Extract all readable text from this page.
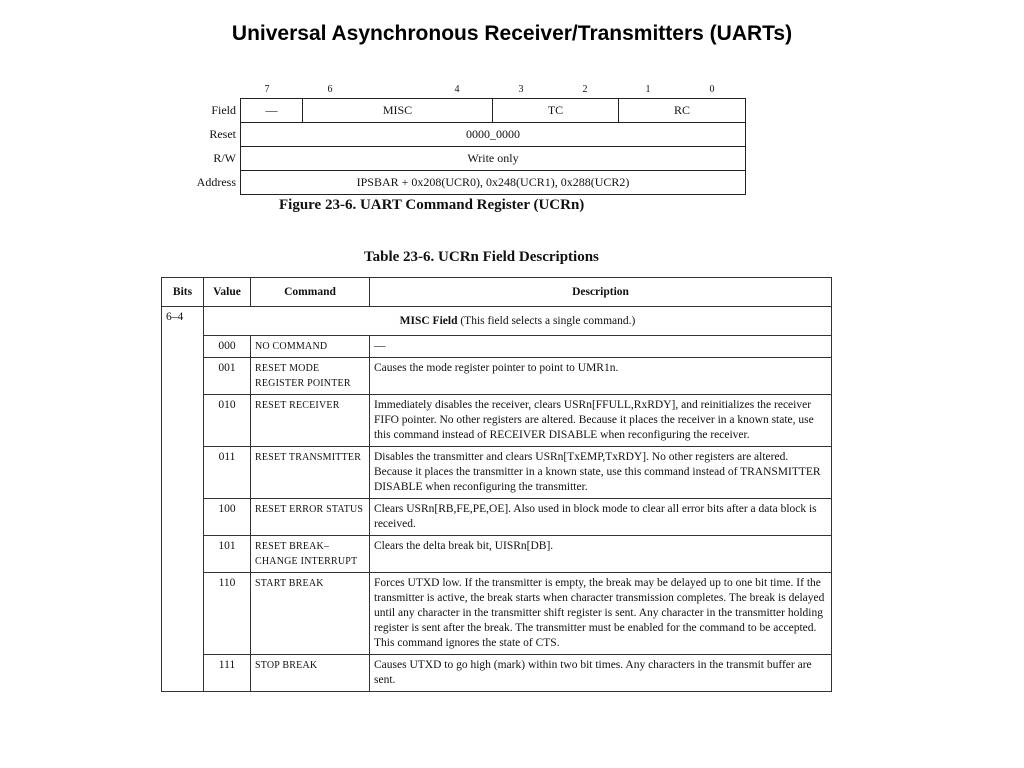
Universal Asynchronous Receiver/Transmitters (UARTs)
7	6	4	3	2	1	0
Field	—	MISC	TC	RC
Reset	0000_0000			
R/W	Write only			
Address	IPSBAR + 0x208(UCR0), 0x248(UCR1), 0x288(UCR2)			
Figure 23-6. UART Command Register (UCRn)
Table 23-6. UCRn Field Descriptions
Bits	Value	Command	Description
6–4	MISC Field (This field selects a single command.)		
	000	NO COMMAND	—
	001	RESET MODE REGISTER POINTER	Causes the mode register pointer to point to UMR1n.
	010	RESET RECEIVER	Immediately disables the receiver, clears USRn[FFULL,RxRDY], and reinitializes the receiver FIFO pointer. No other registers are altered. Because it places the receiver in a known state, use this command instead of RECEIVER DISABLE when reconfiguring the receiver.
	011	RESET TRANSMITTER	Disables the transmitter and clears USRn[TxEMP,TxRDY]. No other registers are altered. Because it places the transmitter in a known state, use this command instead of TRANSMITTER DISABLE when reconfiguring the transmitter.
	100	RESET ERROR STATUS	Clears USRn[RB,FE,PE,OE]. Also used in block mode to clear all error bits after a data block is received.
	101	RESET BREAK– CHANGE INTERRUPT	Clears the delta break bit, UISRn[DB].
	110	START BREAK	Forces UTXD low. If the transmitter is empty, the break may be delayed up to one bit time. If the transmitter is active, the break starts when character transmission completes. The break is delayed until any character in the transmitter shift register is sent. Any character in the transmitter holding register is sent after the break. The transmitter must be enabled for the command to be accepted. This command ignores the state of CTS.
	111	STOP BREAK	Causes UTXD to go high (mark) within two bit times. Any characters in the transmit buffer are sent.
